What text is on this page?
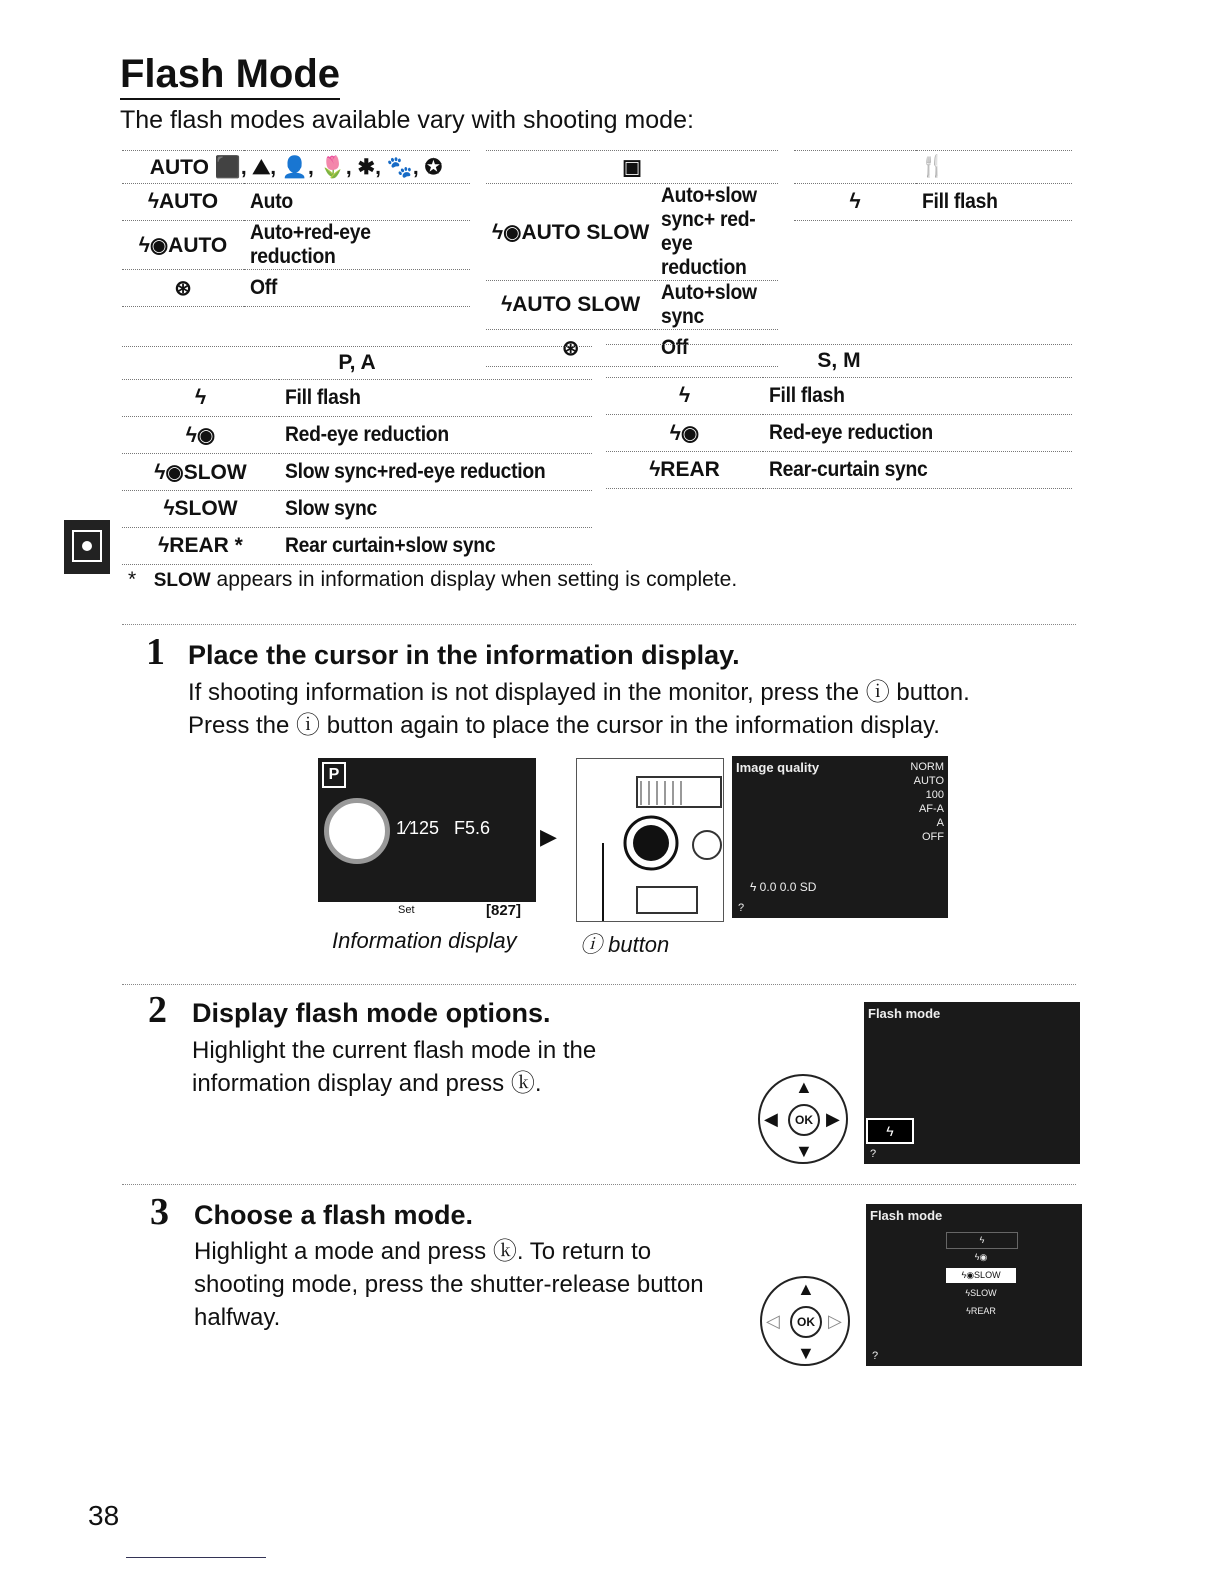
Flash Mode
The flash modes available vary with shooting mode:
AUTO ⬛, ⛰, 👤, 🌷, ✱, 🐾, ✪	
ϟAUTO	Auto
ϟ◉AUTO	Auto+red-eye reduction
⊛	Off
▣	
ϟ◉AUTO SLOW	Auto+slow sync+ red-eye reduction
ϟAUTO SLOW	Auto+slow sync
⊛	Off
🍴
ϟ	Fill flash
P, A	
ϟ	Fill flash
ϟ◉	Red-eye reduction
ϟ◉SLOW	Slow sync+red-eye reduction
ϟSLOW	Slow sync
ϟREAR *	Rear curtain+slow sync
S, M	
ϟ	Fill flash
ϟ◉	Red-eye reduction
ϟREAR	Rear-curtain sync
* SLOW appears in information display when setting is complete.
1 Place the cursor in the information display.
If shooting information is not displayed in the monitor, press the ⓘ button.
Press the ⓘ button again to place the cursor in the information display.
P
1⁄125 F5.6
Set	[827]
▶
Image quality	NORM
AUTO
100
AF-A
A
OFF
ϟ 0.0 0.0 SD
?
Information display	ⓘ button
2 Display flash mode options.
Highlight the current flash mode in the
information display and press ⓚ.	▲
▼
◀	▶
OK
Flash mode
ϟ
?
3 Choose a flash mode.
Highlight a mode and press ⓚ. To return to
shooting mode, press the shutter-release button
halfway.
▲
▼
◁	▷
OK
Flash mode
ϟ
ϟ◉
ϟ◉SLOW
ϟSLOW
ϟREAR
?
38
